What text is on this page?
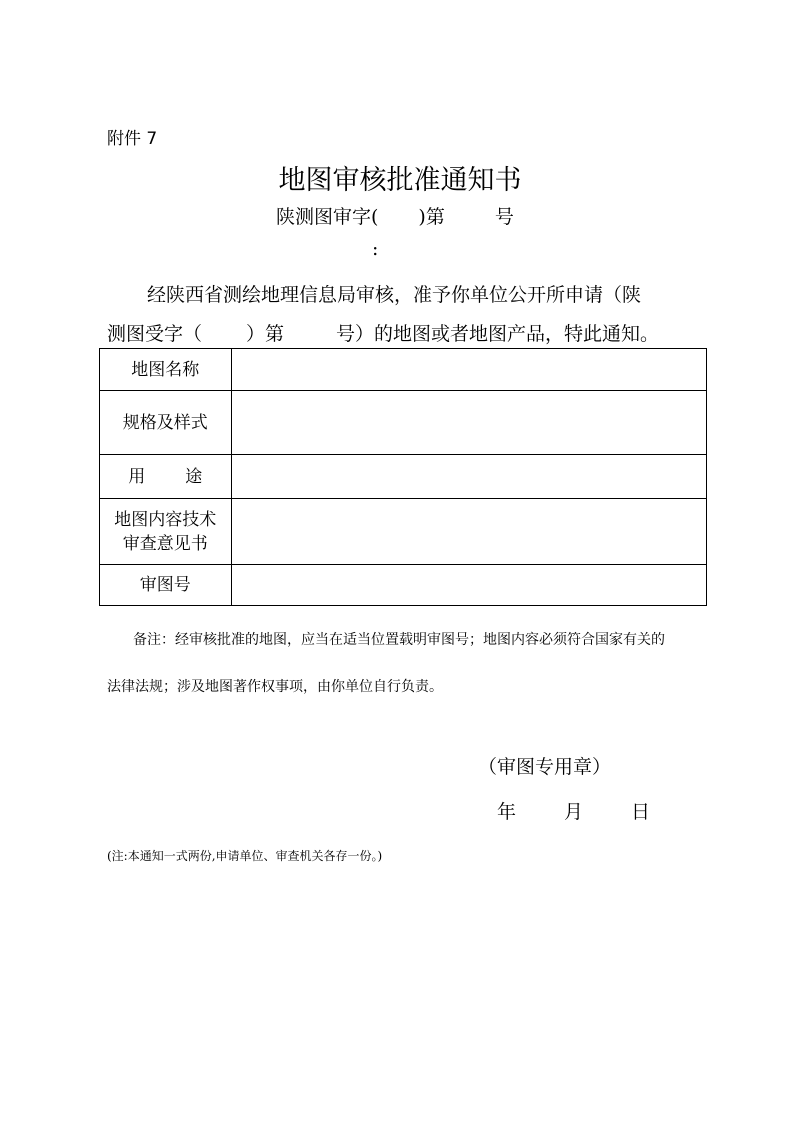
附件 7
地图审核批准通知书
陕测图审字( )第	号
:
经陕西省测绘地理信息局审核，准予你单位公开所申请（陕
测图受字（ ）第	号）的地图或者地图产品，特此通知。
地图名称	
规格及样式	
用 途	
地图内容技术
审查意见书	
审图号	
备注：经审核批准的地图，应当在适当位置载明审图号；地图内容必须符合国家有关的
法律法规；涉及地图著作权事项，由你单位自行负责。
（审图专用章）
年	月	日
(注:本通知一式两份,申请单位、审查机关各存一份。)
